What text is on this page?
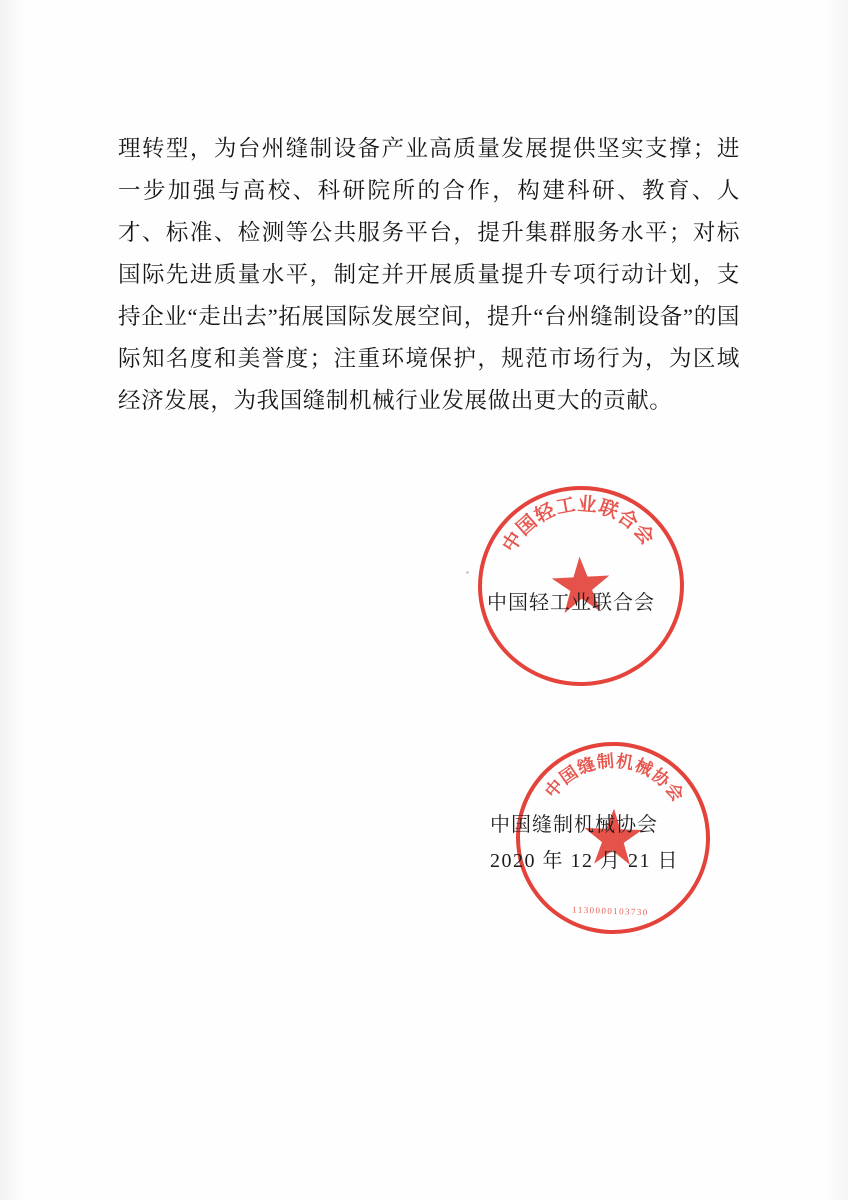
理转型，为台州缝制设备产业高质量发展提供坚实支撑；进一步加强与高校、科研院所的合作，构建科研、教育、人才、标准、检测等公共服务平台，提升集群服务水平；对标国际先进质量水平，制定并开展质量提升专项行动计划，支持企业“走出去”拓展国际发展空间，提升“台州缝制设备”的国际知名度和美誉度；注重环境保护，规范市场行为，为区域经济发展，为我国缝制机械行业发展做出更大的贡献。

中国轻工业联合会
中国轻工业联合会
中国缝制机械协会
1130000103730
中国缝制机械协会
2020 年 12 月 21 日
